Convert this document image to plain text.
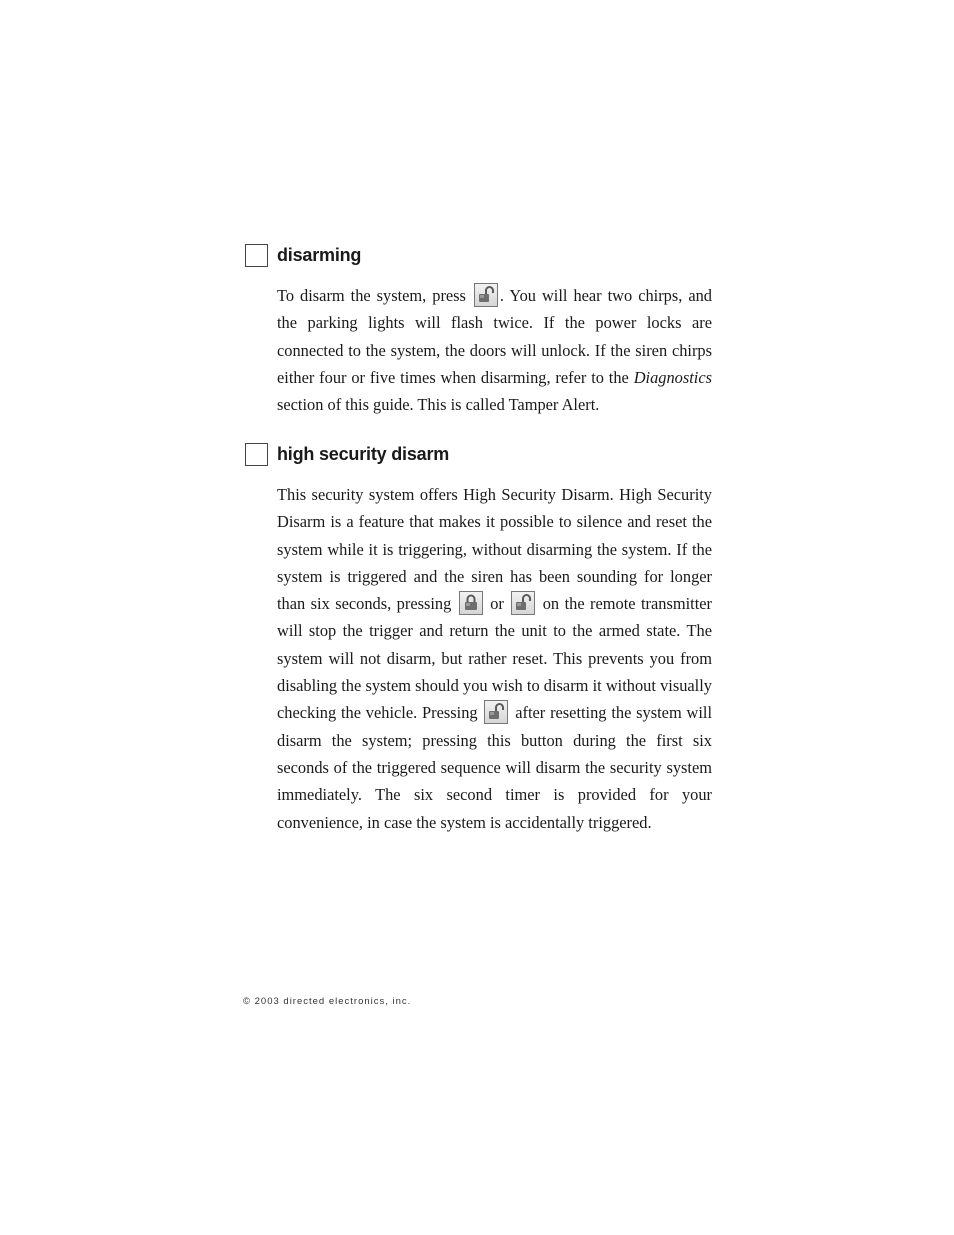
disarming

To disarm the system, press
. You will hear two chirps, and the parking lights will flash twice. If the power locks are connected to the system, the doors will unlock. If the siren chirps either four or five times when disarming, refer to the Diagnostics section of this guide. This is called Tamper Alert.

high security disarm

This security system offers High Security Disarm. High Security Disarm is a feature that makes it possible to silence and reset the system while it is triggering, without disarming the system. If the system is triggered and the siren has been sounding for longer than six seconds, pressing
or
on the remote transmitter will stop the trigger and return the unit to the armed state. The system will not disarm, but rather reset. This prevents you from disabling the system should you wish to disarm it without visually checking the vehicle. Pressing
after resetting the system will disarm the system; pressing this button during the first six seconds of the triggered sequence will disarm the security system immediately. The six second timer is provided for your convenience, in case the system is accidentally triggered.

© 2003 directed electronics, inc.
